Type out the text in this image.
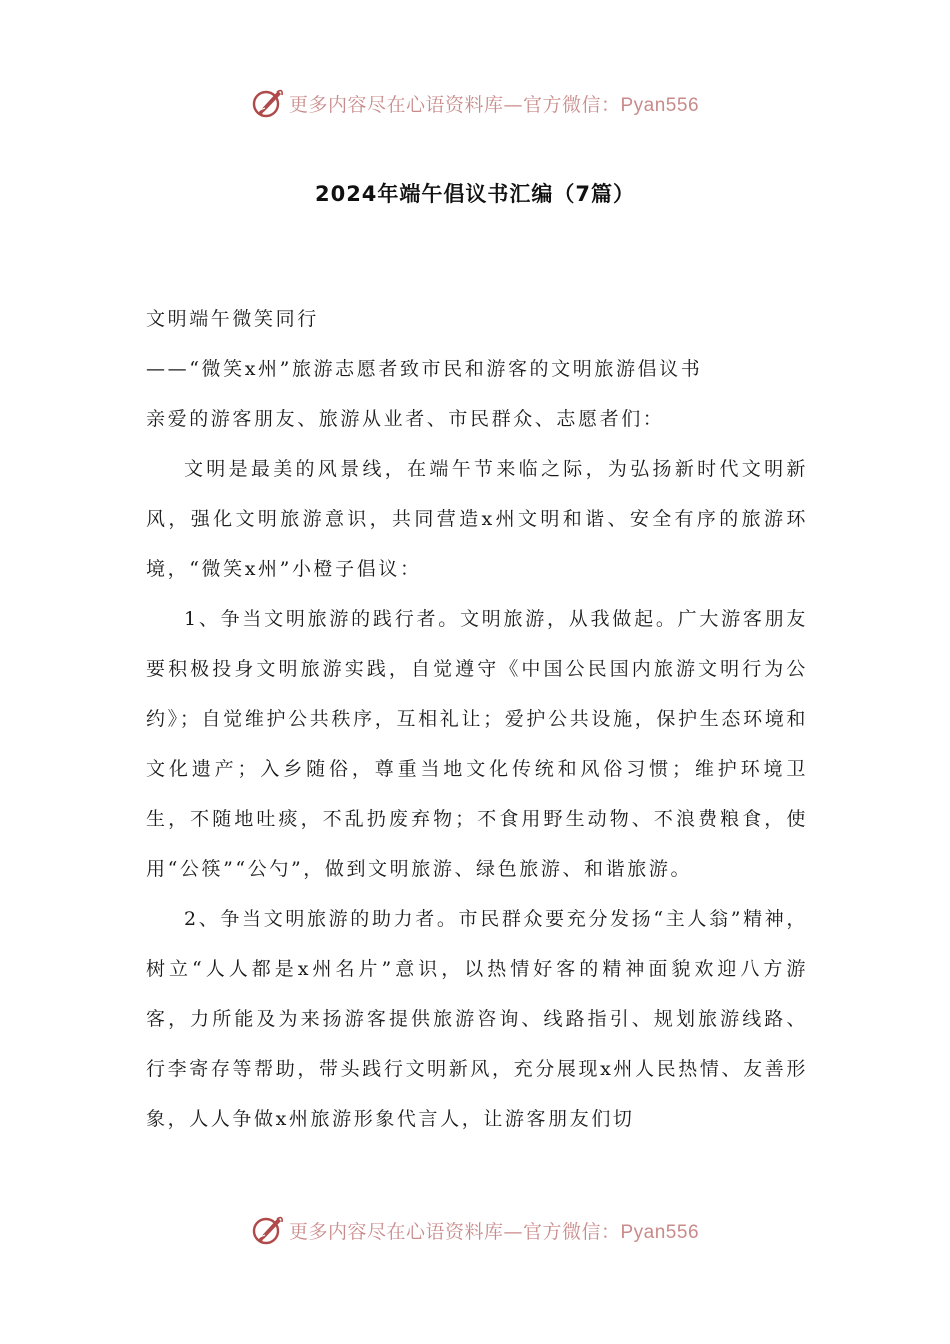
更多内容尽在心语资料库—官方微信：Pyan556
2024年端午倡议书汇编（7篇）

文明端午微笑同行

——“微笑x州”旅游志愿者致市民和游客的文明旅游倡议书

亲爱的游客朋友、旅游从业者、市民群众、志愿者们：

文明是最美的风景线，在端午节来临之际，为弘扬新时代文明新风，强化文明旅游意识，共同营造x州文明和谐、安全有序的旅游环境，“微笑x州”小橙子倡议：

1、争当文明旅游的践行者。文明旅游，从我做起。广大游客朋友要积极投身文明旅游实践，自觉遵守《中国公民国内旅游文明行为公约》；自觉维护公共秩序，互相礼让；爱护公共设施，保护生态环境和文化遗产；入乡随俗，尊重当地文化传统和风俗习惯；维护环境卫生，不随地吐痰，不乱扔废弃物；不食用野生动物、不浪费粮食，使用“公筷”“公勺”，做到文明旅游、绿色旅游、和谐旅游。

2、争当文明旅游的助力者。市民群众要充分发扬“主人翁”精神，树立“人人都是x州名片”意识，以热情好客的精神面貌欢迎八方游客，力所能及为来扬游客提供旅游咨询、线路指引、规划旅游线路、行李寄存等帮助，带头践行文明新风，充分展现x州人民热情、友善形象，人人争做x州旅游形象代言人，让游客朋友们切

更多内容尽在心语资料库—官方微信：Pyan556
